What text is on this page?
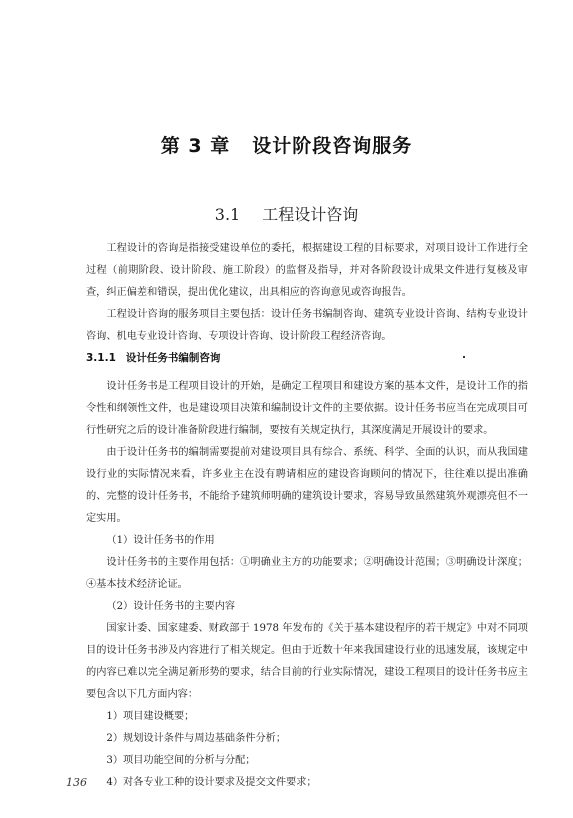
第 3 章 设计阶段咨询服务
3.1 工程设计咨询

工程设计的咨询是指接受建设单位的委托，根据建设工程的目标要求，对项目设计工作进行全过程（前期阶段、设计阶段、施工阶段）的监督及指导，并对各阶段设计成果文件进行复核及审查，纠正偏差和错误，提出优化建议，出具相应的咨询意见或咨询报告。

工程设计咨询的服务项目主要包括：设计任务书编制咨询、建筑专业设计咨询、结构专业设计咨询、机电专业设计咨询、专项设计咨询、设计阶段工程经济咨询。

3.1.1 设计任务书编制咨询

设计任务书是工程项目设计的开始，是确定工程项目和建设方案的基本文件，是设计工作的指令性和纲领性文件，也是建设项目决策和编制设计文件的主要依据。设计任务书应当在完成项目可行性研究之后的设计准备阶段进行编制，要按有关规定执行，其深度满足开展设计的要求。

由于设计任务书的编制需要提前对建设项目具有综合、系统、科学、全面的认识，而从我国建设行业的实际情况来看，许多业主在没有聘请相应的建设咨询顾问的情况下，往往难以提出准确的、完整的设计任务书，不能给予建筑师明确的建筑设计要求，容易导致虽然建筑外观漂亮但不一定实用。

（1）设计任务书的作用

设计任务书的主要作用包括：①明确业主方的功能要求；②明确设计范围；③明确设计深度；④基本技术经济论证。

（2）设计任务书的主要内容

国家计委、国家建委、财政部于 1978 年发布的《关于基本建设程序的若干规定》中对不同项目的设计任务书涉及内容进行了相关规定。但由于近数十年来我国建设行业的迅速发展，该规定中的内容已难以完全满足新形势的要求，结合目前的行业实际情况，建设工程项目的设计任务书应主要包含以下几方面内容：

1）项目建设概要；

2）规划设计条件与周边基础条件分析；

3）项目功能空间的分析与分配；

4）对各专业工种的设计要求及提交文件要求；

136
